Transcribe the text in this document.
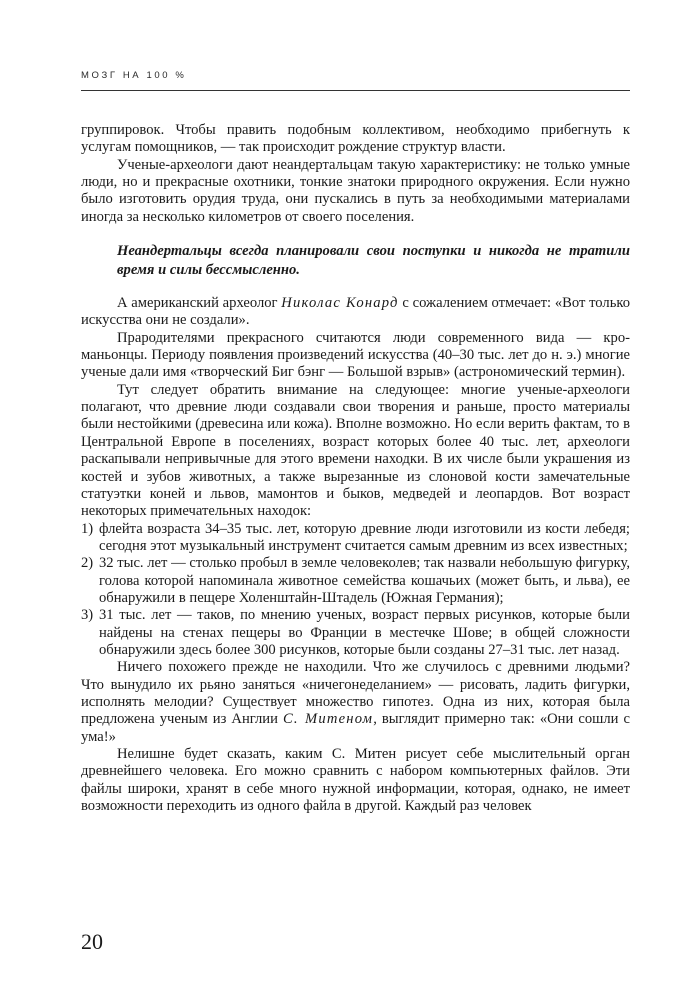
МОЗГ НА 100 %

группировок. Чтобы править подобным коллективом, необходимо прибегнуть к услугам помощников, — так происходит рождение структур власти.

Ученые-археологи дают неандертальцам такую характеристику: не только умные люди, но и прекрасные охотники, тонкие знатоки природного окружения. Если нужно было изготовить орудия труда, они пускались в путь за необходимыми материалами иногда за несколько километров от своего поселения.

Неандертальцы всегда планировали свои поступки и никогда не тратили время и силы бессмысленно.

А американский археолог Николас Конард с сожалением отмечает: «Вот только искусства они не создали».

Прародителями прекрасного считаются люди современного вида — кроманьонцы. Периоду появления произведений искусства (40–30 тыс. лет до н. э.) многие ученые дали имя «творческий Биг бэнг — Большой взрыв» (астрономический термин).

Тут следует обратить внимание на следующее: многие ученые-археологи полагают, что древние люди создавали свои творения и раньше, просто материалы были нестойкими (древесина или кожа). Вполне возможно. Но если верить фактам, то в Центральной Европе в поселениях, возраст которых более 40 тыс. лет, археологи раскапывали непривычные для этого времени находки. В их числе были украшения из костей и зубов животных, а также вырезанные из слоновой кости замечательные статуэтки коней и львов, мамонтов и быков, медведей и леопардов. Вот возраст некоторых примечательных находок:

1) флейта возраста 34–35 тыс. лет, которую древние люди изготовили из кости лебедя; сегодня этот музыкальный инструмент считается самым древним из всех известных;
2) 32 тыс. лет — столько пробыл в земле человеколев; так назвали небольшую фигурку, голова которой напоминала животное семейства кошачьих (может быть, и льва), ее обнаружили в пещере Холенштайн-Штадель (Южная Германия);
3) 31 тыс. лет — таков, по мнению ученых, возраст первых рисунков, которые были найдены на стенах пещеры во Франции в местечке Шове; в общей сложности обнаружили здесь более 300 рисунков, которые были созданы 27–31 тыс. лет назад.

Ничего похожего прежде не находили. Что же случилось с древними людьми? Что вынудило их рьяно заняться «ничегонеделанием» — рисовать, ладить фигурки, исполнять мелодии? Существует множество гипотез. Одна из них, которая была предложена ученым из Англии С. Митеном, выглядит примерно так: «Они сошли с ума!»

Нелишне будет сказать, каким С. Митен рисует себе мыслительный орган древнейшего человека. Его можно сравнить с набором компьютерных файлов. Эти файлы широки, хранят в себе много нужной информации, которая, однако, не имеет возможности переходить из одного файла в другой. Каждый раз человек

20
